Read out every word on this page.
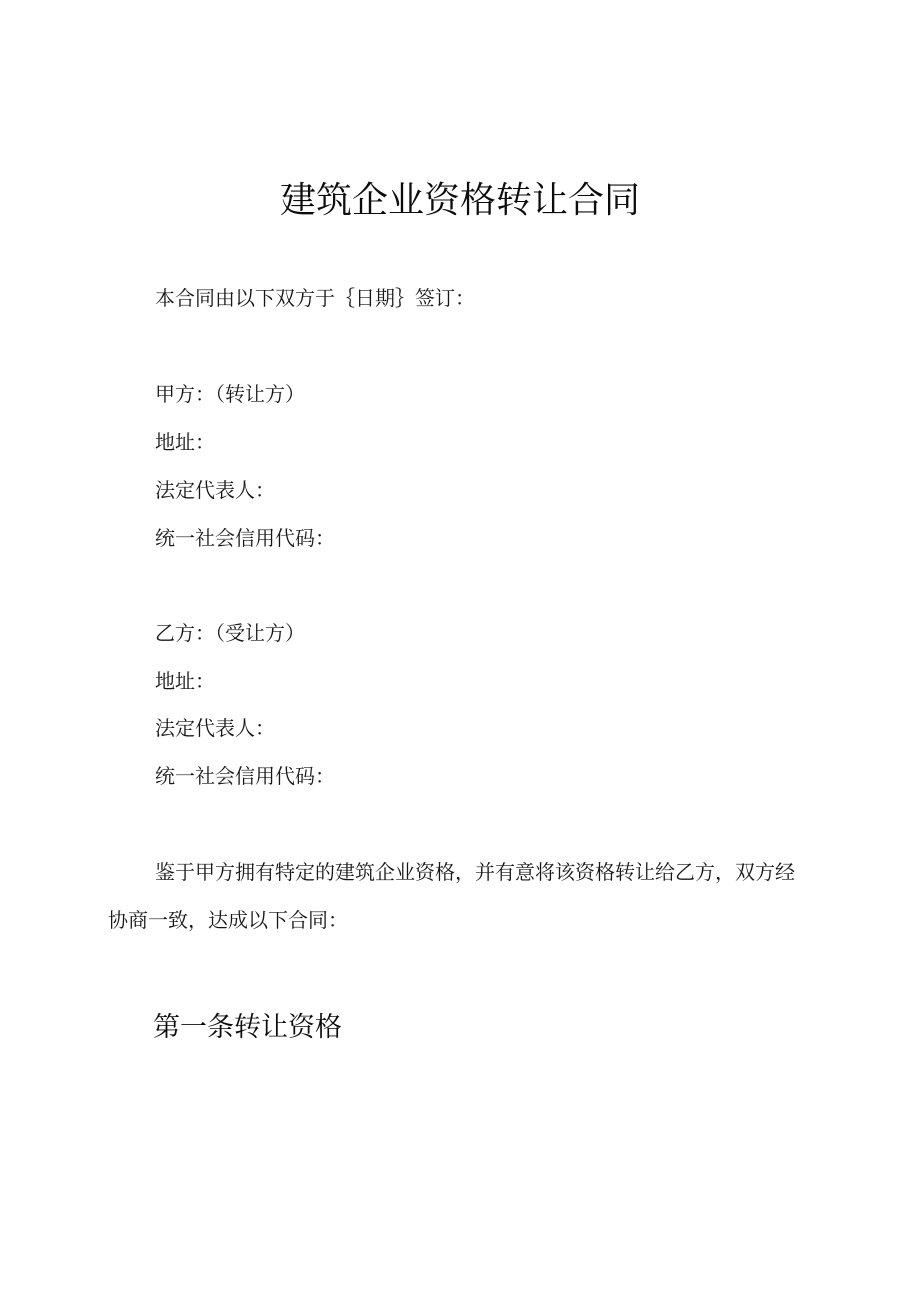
建筑企业资格转让合同
本合同由以下双方于｛日期｝签订：
甲方：（转让方）
地址：
法定代表人：
统一社会信用代码：
乙方：（受让方）
地址：
法定代表人：
统一社会信用代码：
鉴于甲方拥有特定的建筑企业资格，并有意将该资格转让给乙方，双方经协商一致，达成以下合同：
第一条转让资格
